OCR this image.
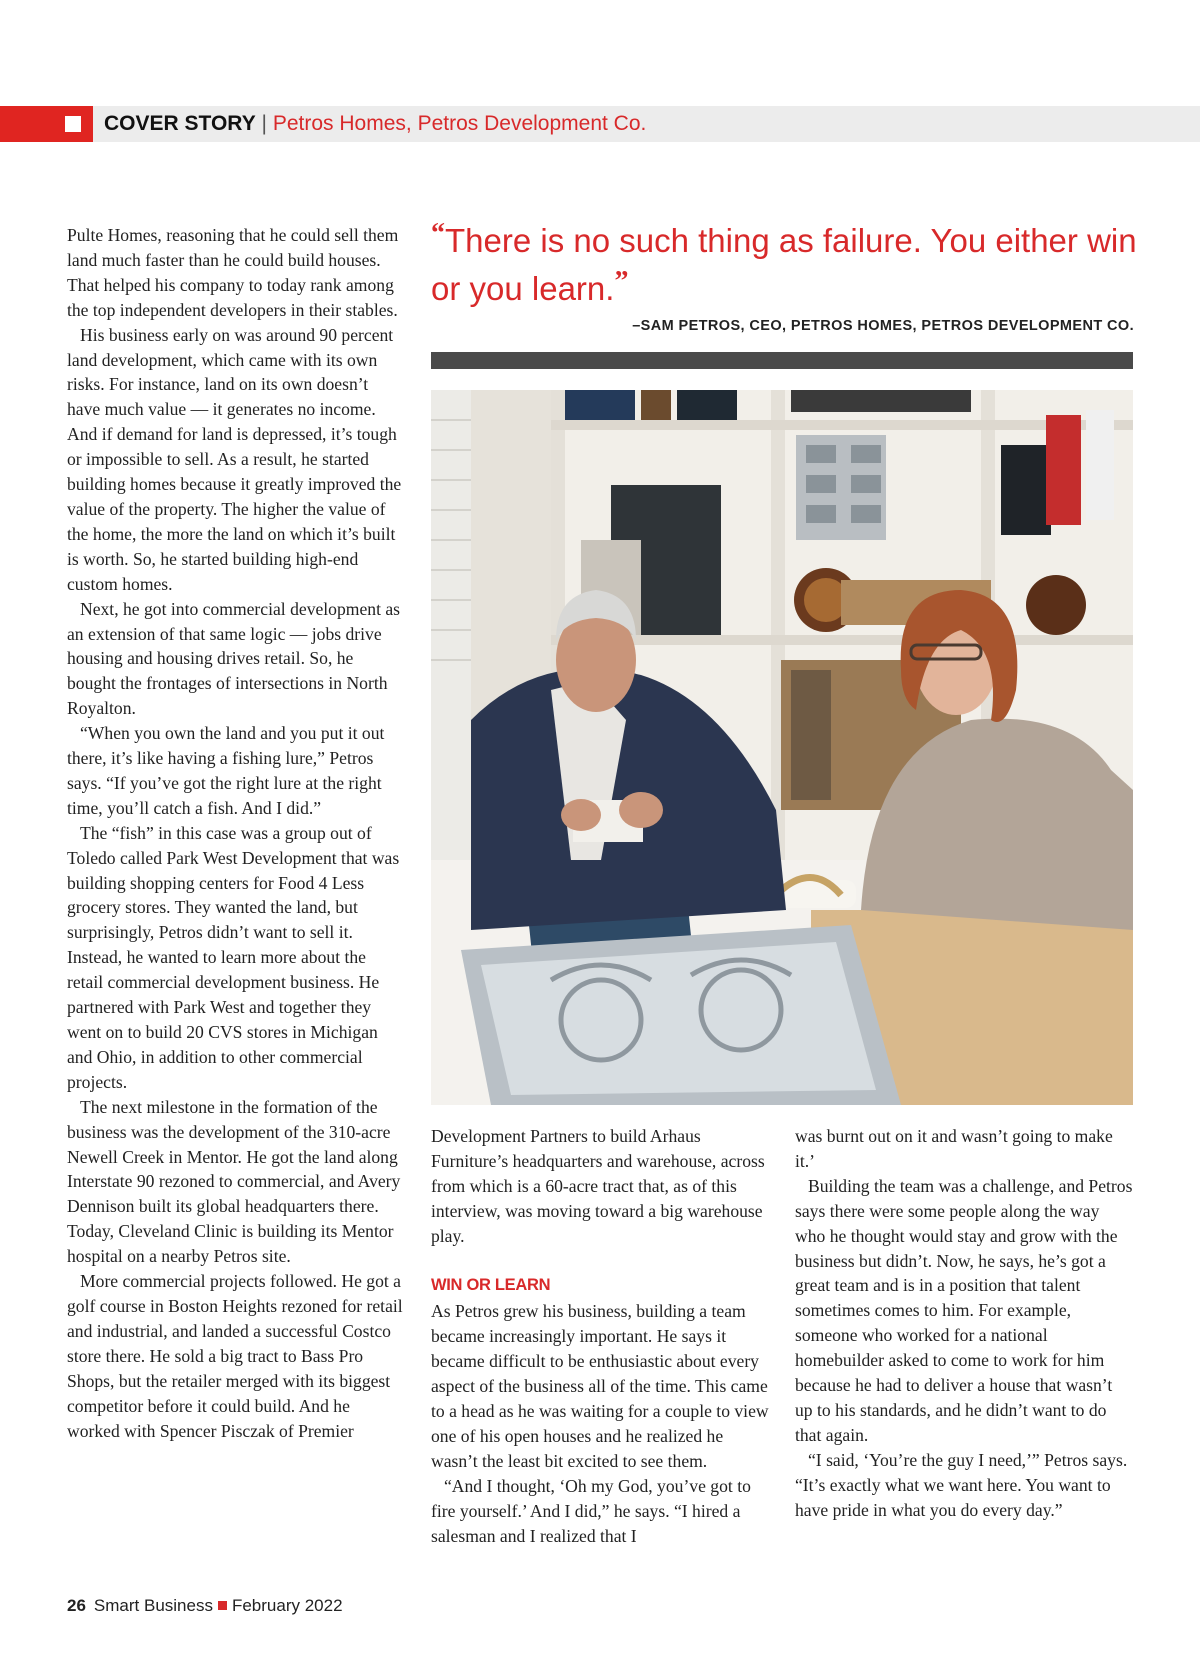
COVER STORY | Petros Homes, Petros Development Co.

Pulte Homes, reasoning that he could sell them land much faster than he could build houses. That helped his company to today rank among the top independent developers in their stables.

His business early on was around 90 percent land development, which came with its own risks. For instance, land on its own doesn’t have much value — it generates no income. And if demand for land is depressed, it’s tough or impossible to sell. As a result, he started building homes because it greatly improved the value of the property. The higher the value of the home, the more the land on which it’s built is worth. So, he started building high-end custom homes.

Next, he got into commercial development as an extension of that same logic — jobs drive housing and housing drives retail. So, he bought the frontages of intersections in North Royalton.

“When you own the land and you put it out there, it’s like having a fishing lure,” Petros says. “If you’ve got the right lure at the right time, you’ll catch a fish. And I did.”

The “fish” in this case was a group out of Toledo called Park West Development that was building shopping centers for Food 4 Less grocery stores. They wanted the land, but surprisingly, Petros didn’t want to sell it. Instead, he wanted to learn more about the retail commercial development business. He partnered with Park West and together they went on to build 20 CVS stores in Michigan and Ohio, in addition to other commercial projects.

The next milestone in the formation of the business was the development of the 310-acre Newell Creek in Mentor. He got the land along Interstate 90 rezoned to commercial, and Avery Dennison built its global headquarters there. Today, Cleveland Clinic is building its Mentor hospital on a nearby Petros site.

More commercial projects followed. He got a golf course in Boston Heights rezoned for retail and industrial, and landed a successful Costco store there. He sold a big tract to Bass Pro Shops, but the retailer merged with its biggest competitor before it could build. And he worked with Spencer Pisczak of Premier

“There is no such thing as failure. You either win or you learn.”
–SAM PETROS, CEO, PETROS HOMES, PETROS DEVELOPMENT CO.

Development Partners to build Arhaus Furniture’s headquarters and warehouse, across from which is a 60-acre tract that, as of this interview, was moving toward a big warehouse play.

WIN OR LEARN

As Petros grew his business, building a team became increasingly important. He says it became difficult to be enthusiastic about every aspect of the business all of the time. This came to a head as he was waiting for a couple to view one of his open houses and he realized he wasn’t the least bit excited to see them.

“And I thought, ‘Oh my God, you’ve got to fire yourself.’ And I did,” he says. “I hired a salesman and I realized that I

was burnt out on it and wasn’t going to make it.’

Building the team was a challenge, and Petros says there were some people along the way who he thought would stay and grow with the business but didn’t. Now, he says, he’s got a great team and is in a position that talent sometimes comes to him. For example, someone who worked for a national homebuilder asked to come to work for him because he had to deliver a house that wasn’t up to his standards, and he didn’t want to do that again.

“I said, ‘You’re the guy I need,’” Petros says. “It’s exactly what we want here. You want to have pride in what you do every day.”

26 Smart Business February 2022
